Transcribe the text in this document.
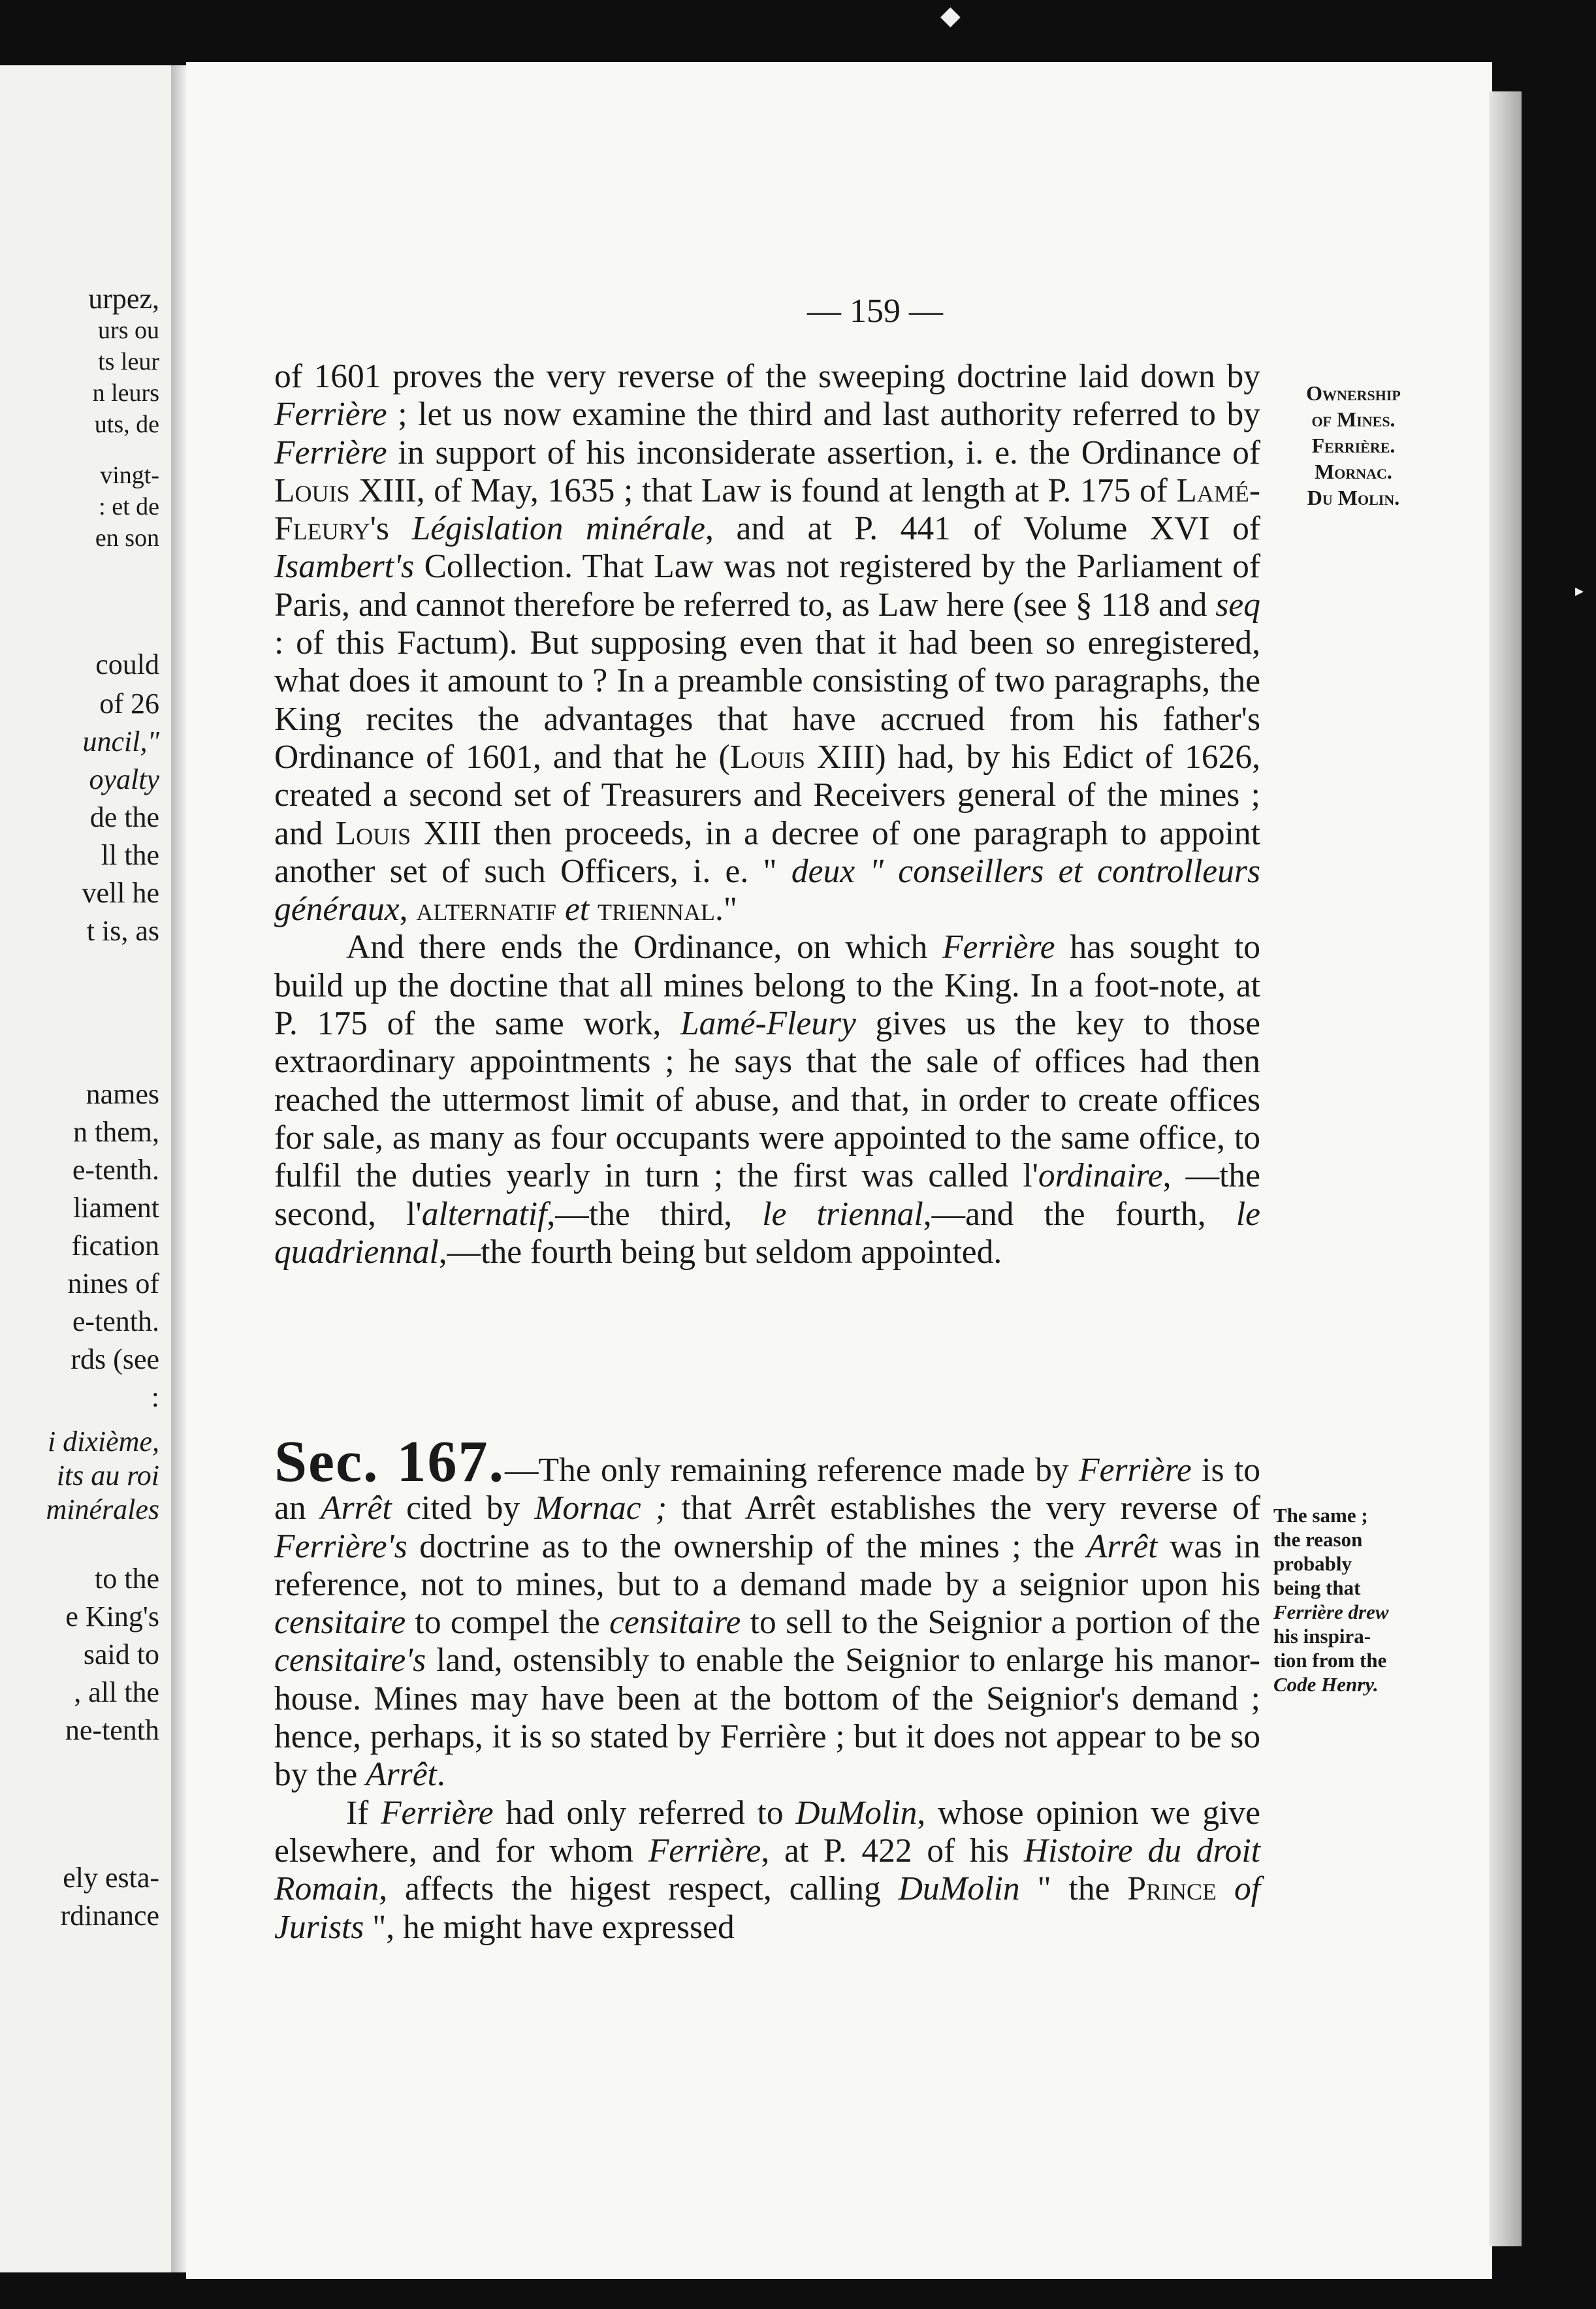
urpez,
urs ou
ts leur
n leurs
uts, de
vingt-
: et de
en son
could
of 26
uncil,"
oyalty
de the
ll the
vell he
t is, as
names
n them,
e-tenth.
liament
fication
nines of
e-tenth.
rds (see
:
i dixième,
its au roi
minérales
to the
e King's
said to
, all the
ne-tenth
ely esta-
rdinance
◆
▸
— 159 —

of 1601 proves the very reverse of the sweeping doctrine laid down by Ferrière ; let us now examine the third and last authority referred to by Ferrière in support of his inconsiderate assertion, i. e. the Ordinance of Louis XIII, of May, 1635 ; that Law is found at length at P. 175 of Lamé-Fleury's Législation minérale, and at P. 441 of Volume XVI of Isambert's Collection. That Law was not registered by the Parliament of Paris, and cannot therefore be referred to, as Law here (see § 118 and seq : of this Factum). But supposing even that it had been so enregistered, what does it amount to ? In a preamble consisting of two paragraphs, the King recites the advantages that have accrued from his father's Ordinance of 1601, and that he (Louis XIII) had, by his Edict of 1626, created a second set of Treasurers and Receivers general of the mines ; and Louis XIII then proceeds, in a decree of one paragraph to appoint another set of such Officers, i. e. " deux " conseillers et controlleurs généraux, alternatif et triennal."

And there ends the Ordinance, on which Ferrière has sought to build up the doctine that all mines belong to the King. In a foot-note, at P. 175 of the same work, Lamé-Fleury gives us the key to those extraordinary appointments ; he says that the sale of offices had then reached the uttermost limit of abuse, and that, in order to create offices for sale, as many as four occupants were appointed to the same office, to fulfil the duties yearly in turn ; the first was called l'ordinaire, —the second, l'alternatif,—the third, le triennal,—and the fourth, le quadriennal,—the fourth being but seldom appointed.

Ownership
of Mines.
Ferrière.
Mornac.
Du Molin.

Sec. 167.—The only remaining reference made by Ferrière is to an Arrêt cited by Mornac ; that Arrêt establishes the very reverse of Ferrière's doctrine as to the ownership of the mines ; the Arrêt was in reference, not to mines, but to a demand made by a seignior upon his censitaire to compel the censitaire to sell to the Seignior a portion of the censitaire's land, ostensibly to enable the Seignior to enlarge his manor-house. Mines may have been at the bottom of the Seignior's demand ; hence, perhaps, it is so stated by Ferrière ; but it does not appear to be so by the Arrêt.

If Ferrière had only referred to DuMolin, whose opinion we give elsewhere, and for whom Ferrière, at P. 422 of his Histoire du droit Romain, affects the higest respect, calling DuMolin " the Prince of Jurists ", he might have expressed

The same ;
the reason
probably
being that
Ferrière drew
his inspira-
tion from the
Code Henry.
